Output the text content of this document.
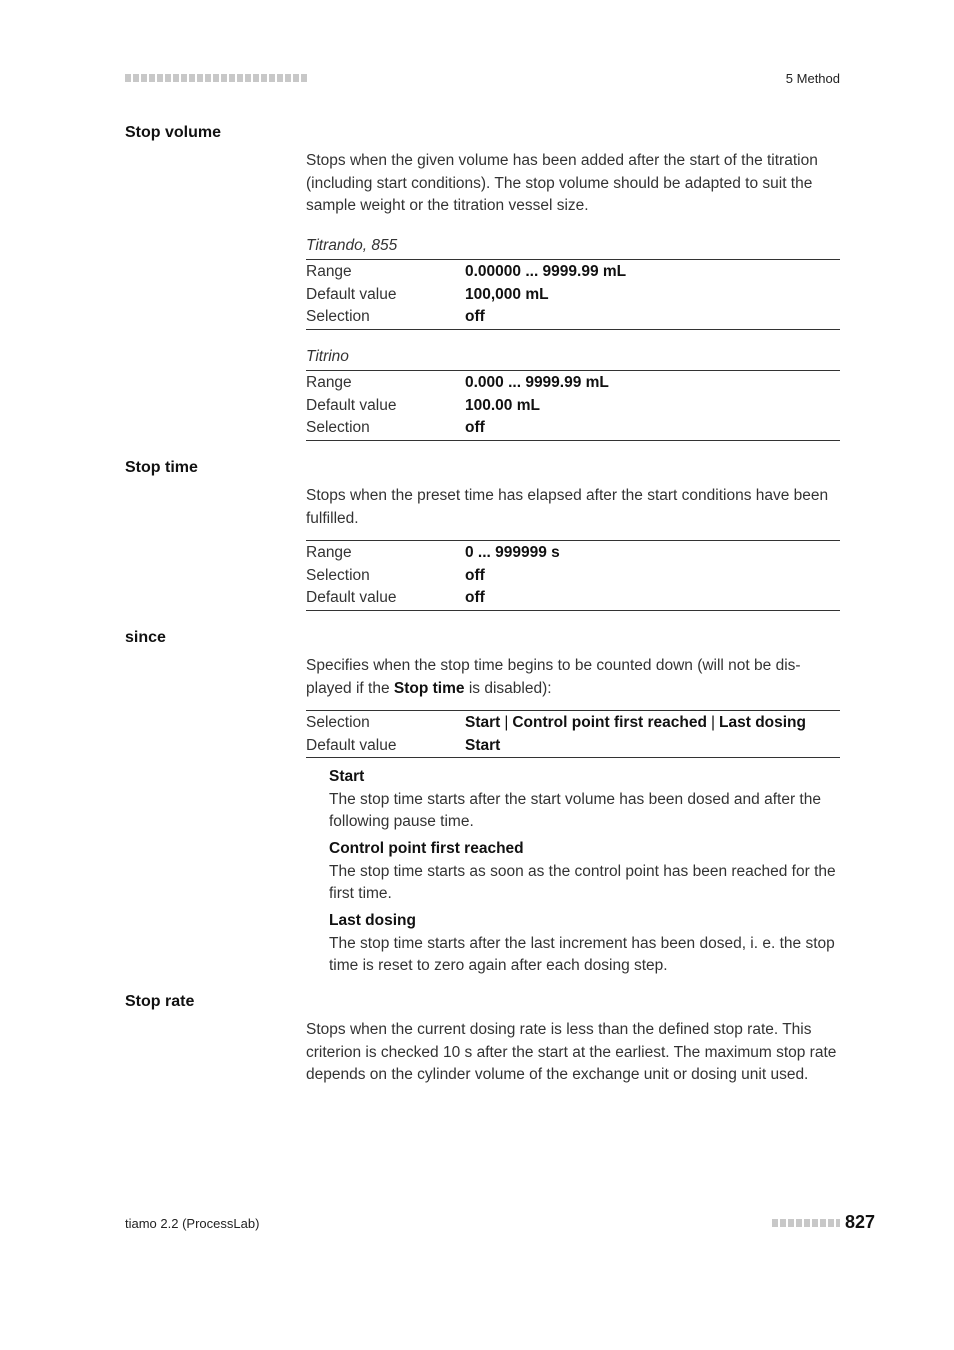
5 Method
Stop volume

Stops when the given volume has been added after the start of the titration (including start conditions). The stop volume should be adapted to suit the sample weight or the titration vessel size.

Titrando, 855
Range	0.00000 ... 9999.99 mL
Default value	100,000 mL
Selection	off
Titrino
Range	0.000 ... 9999.99 mL
Default value	100.00 mL
Selection	off
Stop time

Stops when the preset time has elapsed after the start conditions have been fulfilled.

Range	0 ... 999999 s
Selection	off
Default value	off
since

Specifies when the stop time begins to be counted down (will not be dis-played if the Stop time is disabled):

Selection	Start | Control point first reached | Last dosing
Default value	Start
Start

The stop time starts after the start volume has been dosed and after the following pause time.

Control point first reached

The stop time starts as soon as the control point has been reached for the first time.

Last dosing

The stop time starts after the last increment has been dosed, i. e. the stop time is reset to zero again after each dosing step.

Stop rate

Stops when the current dosing rate is less than the defined stop rate. This criterion is checked 10 s after the start at the earliest. The maximum stop rate depends on the cylinder volume of the exchange unit or dosing unit used.

tiamo 2.2 (ProcessLab)	827
